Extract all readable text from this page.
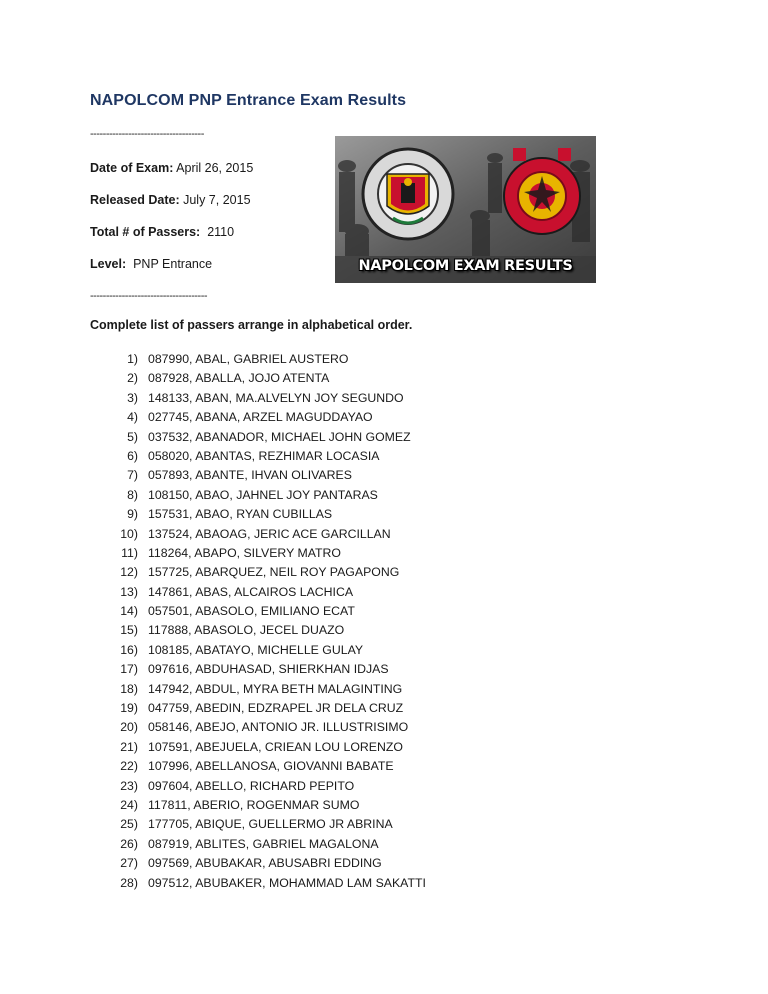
NAPOLCOM PNP Entrance Exam Results
------------------------------------
Date of Exam: April 26, 2015
Released Date: July 7, 2015
Total # of Passers: 2110
Level: PNP Entrance
-------------------------------------
NAPOLCOM EXAM RESULTS
Complete list of passers arrange in alphabetical order.
1) 087990, ABAL, GABRIEL AUSTERO
2) 087928, ABALLA, JOJO ATENTA
3) 148133, ABAN, MA.ALVELYN JOY SEGUNDO
4) 027745, ABANA, ARZEL MAGUDDAYAO
5) 037532, ABANADOR, MICHAEL JOHN GOMEZ
6) 058020, ABANTAS, REZHIMAR LOCASIA
7) 057893, ABANTE, IHVAN OLIVARES
8) 108150, ABAO, JAHNEL JOY PANTARAS
9) 157531, ABAO, RYAN CUBILLAS
10) 137524, ABAOAG, JERIC ACE GARCILLAN
11) 118264, ABAPO, SILVERY MATRO
12) 157725, ABARQUEZ, NEIL ROY PAGAPONG
13) 147861, ABAS, ALCAIROS LACHICA
14) 057501, ABASOLO, EMILIANO ECAT
15) 117888, ABASOLO, JECEL DUAZO
16) 108185, ABATAYO, MICHELLE GULAY
17) 097616, ABDUHASAD, SHIERKHAN IDJAS
18) 147942, ABDUL, MYRA BETH MALAGINTING
19) 047759, ABEDIN, EDZRAPEL JR DELA CRUZ
20) 058146, ABEJO, ANTONIO JR. ILLUSTRISIMO
21) 107591, ABEJUELA, CRIEAN LOU LORENZO
22) 107996, ABELLANOSA, GIOVANNI BABATE
23) 097604, ABELLO, RICHARD PEPITO
24) 117811, ABERIO, ROGENMAR SUMO
25) 177705, ABIQUE, GUELLERMO JR ABRINA
26) 087919, ABLITES, GABRIEL MAGALONA
27) 097569, ABUBAKAR, ABUSABRI EDDING
28) 097512, ABUBAKER, MOHAMMAD LAM SAKATTI
